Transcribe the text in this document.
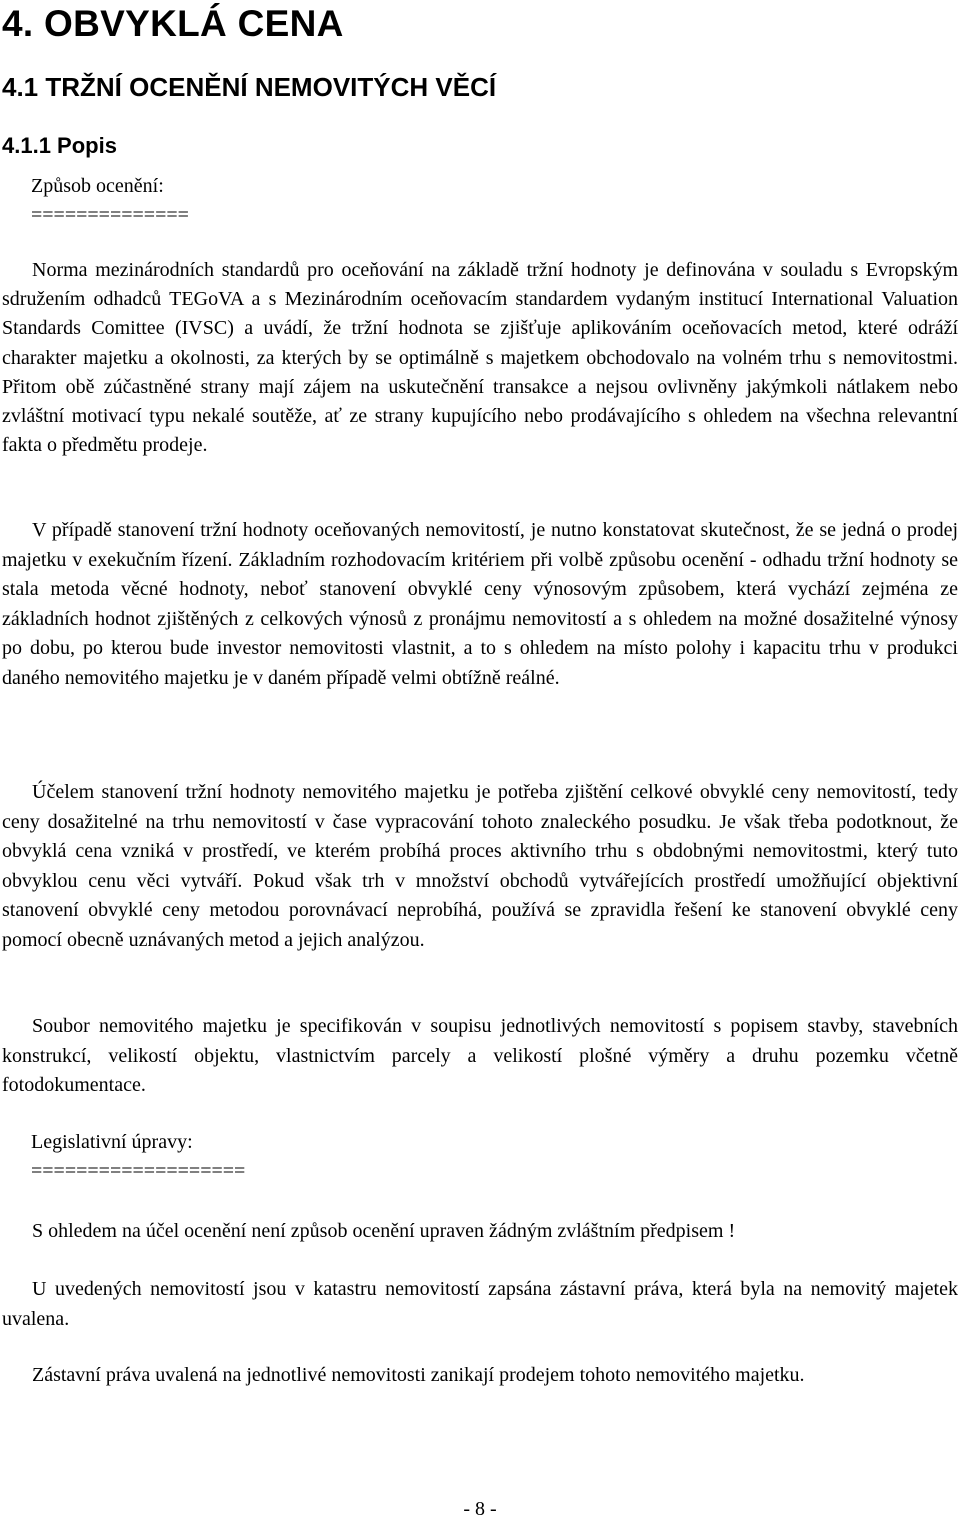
4. OBVYKLÁ CENA
4.1 TRŽNÍ OCENĚNÍ NEMOVITÝCH VĚCÍ
4.1.1 Popis

Způsob ocenění:

==============

Norma mezinárodních standardů pro oceňování na základě tržní hodnoty je definována v souladu s Evropským sdružením odhadců TEGoVA a s Mezinárodním oceňovacím standardem vydaným institucí International Valuation Standards Comittee (IVSC) a uvádí, že tržní hodnota se zjišťuje aplikováním oceňovacích metod, které odráží charakter majetku a okolnosti, za kterých by se optimálně s majetkem obchodovalo na volném trhu s nemovitostmi. Přitom obě zúčastněné strany mají zájem na uskutečnění transakce a nejsou ovlivněny jakýmkoli nátlakem nebo zvláštní motivací typu nekalé soutěže, ať ze strany kupujícího nebo prodávajícího s ohledem na všechna relevantní fakta o předmětu prodeje.

V případě stanovení tržní hodnoty oceňovaných nemovitostí, je nutno konstatovat skutečnost, že se jedná o prodej majetku v exekučním řízení. Základním rozhodovacím kritériem při volbě způsobu ocenění - odhadu tržní hodnoty se stala metoda věcné hodnoty, neboť stanovení obvyklé ceny výnosovým způsobem, která vychází zejména ze základních hodnot zjištěných z celkových výnosů z pronájmu nemovitostí a s ohledem na možné dosažitelné výnosy po dobu, po kterou bude investor nemovitosti vlastnit, a to s ohledem na místo polohy i kapacitu trhu v produkci daného nemovitého majetku je v daném případě velmi obtížně reálné.

Účelem stanovení tržní hodnoty nemovitého majetku je potřeba zjištění celkové obvyklé ceny nemovitostí, tedy ceny dosažitelné na trhu nemovitostí v čase vypracování tohoto znaleckého posudku. Je však třeba podotknout, že obvyklá cena vzniká v prostředí, ve kterém probíhá proces aktivního trhu s obdobnými nemovitostmi, který tuto obvyklou cenu věci vytváří. Pokud však trh v množství obchodů vytvářejících prostředí umožňující objektivní stanovení obvyklé ceny metodou porovnávací neprobíhá, používá se zpravidla řešení ke stanovení obvyklé ceny pomocí obecně uznávaných metod a jejich analýzou.

Soubor nemovitého majetku je specifikován v soupisu jednotlivých nemovitostí s popisem stavby, stavebních konstrukcí, velikostí objektu, vlastnictvím parcely a velikostí plošné výměry a druhu pozemku včetně fotodokumentace.

Legislativní úpravy:

===================

S ohledem na účel ocenění není způsob ocenění upraven žádným zvláštním předpisem !

U uvedených nemovitostí jsou v katastru nemovitostí zapsána zástavní práva, která byla na nemovitý majetek uvalena.

Zástavní práva uvalená na jednotlivé nemovitosti zanikají prodejem tohoto nemovitého majetku.

- 8 -
